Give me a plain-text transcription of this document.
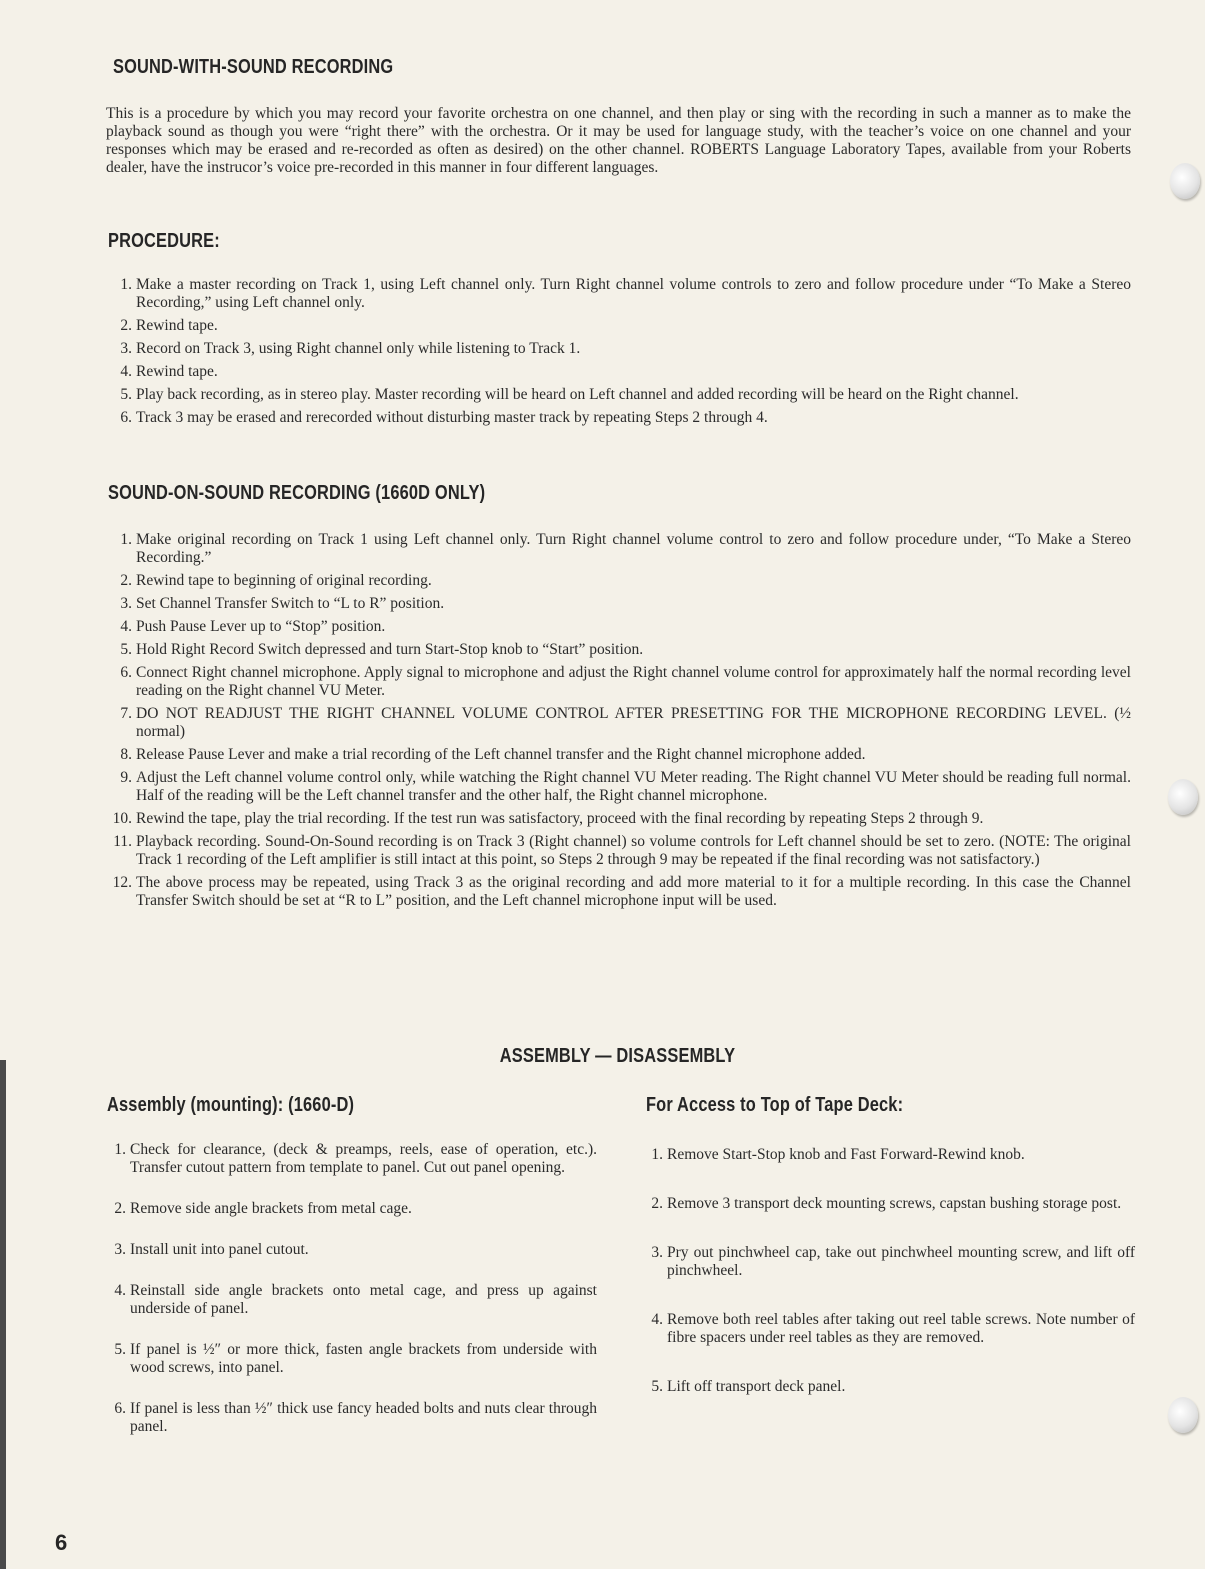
SOUND-WITH-SOUND RECORDING

This is a procedure by which you may record your favorite orchestra on one channel, and then play or sing with the recording in such a manner as to make the playback sound as though you were “right there” with the orchestra. Or it may be used for language study, with the teacher’s voice on one channel and your responses which may be erased and re-recorded as often as desired) on the other channel. ROBERTS Language Laboratory Tapes, available from your Roberts dealer, have the instrucor’s voice pre-recorded in this manner in four different languages.

PROCEDURE:
1. Make a master recording on Track 1, using Left channel only. Turn Right channel volume controls to zero and follow procedure under “To Make a Stereo Recording,” using Left channel only.
2. Rewind tape.
3. Record on Track 3, using Right channel only while listening to Track 1.
4. Rewind tape.
5. Play back recording, as in stereo play. Master recording will be heard on Left channel and added recording will be heard on the Right channel.
6. Track 3 may be erased and rerecorded without disturbing master track by repeating Steps 2 through 4.
SOUND-ON-SOUND RECORDING (1660D ONLY)
1. Make original recording on Track 1 using Left channel only. Turn Right channel volume control to zero and follow procedure under, “To Make a Stereo Recording.”
2. Rewind tape to beginning of original recording.
3. Set Channel Transfer Switch to “L to R” position.
4. Push Pause Lever up to “Stop” position.
5. Hold Right Record Switch depressed and turn Start-Stop knob to “Start” position.
6. Connect Right channel microphone. Apply signal to microphone and adjust the Right channel volume control for approximately half the normal recording level reading on the Right channel VU Meter.
7. DO NOT READJUST THE RIGHT CHANNEL VOLUME CONTROL AFTER PRESETTING FOR THE MICROPHONE RECORDING LEVEL. (½ normal)
8. Release Pause Lever and make a trial recording of the Left channel transfer and the Right channel microphone added.
9. Adjust the Left channel volume control only, while watching the Right channel VU Meter reading. The Right channel VU Meter should be reading full normal. Half of the reading will be the Left channel transfer and the other half, the Right channel microphone.
10. Rewind the tape, play the trial recording. If the test run was satisfactory, proceed with the final recording by repeating Steps 2 through 9.
11. Playback recording. Sound-On-Sound recording is on Track 3 (Right channel) so volume controls for Left channel should be set to zero. (NOTE: The original Track 1 recording of the Left amplifier is still intact at this point, so Steps 2 through 9 may be repeated if the final recording was not satisfactory.)
12. The above process may be repeated, using Track 3 as the original recording and add more material to it for a multiple recording. In this case the Channel Transfer Switch should be set at “R to L” position, and the Left channel microphone input will be used.
ASSEMBLY — DISASSEMBLY
Assembly (mounting): (1660-D)
1. Check for clearance, (deck & preamps, reels, ease of operation, etc.). Transfer cutout pattern from template to panel. Cut out panel opening.
2. Remove side angle brackets from metal cage.
3. Install unit into panel cutout.
4. Reinstall side angle brackets onto metal cage, and press up against underside of panel.
5. If panel is ½″ or more thick, fasten angle brackets from underside with wood screws, into panel.
6. If panel is less than ½″ thick use fancy headed bolts and nuts clear through panel.
For Access to Top of Tape Deck:
1. Remove Start-Stop knob and Fast Forward-Rewind knob.
2. Remove 3 transport deck mounting screws, capstan bushing storage post.
3. Pry out pinchwheel cap, take out pinchwheel mounting screw, and lift off pinchwheel.
4. Remove both reel tables after taking out reel table screws. Note number of fibre spacers under reel tables as they are removed.
5. Lift off transport deck panel.

6
